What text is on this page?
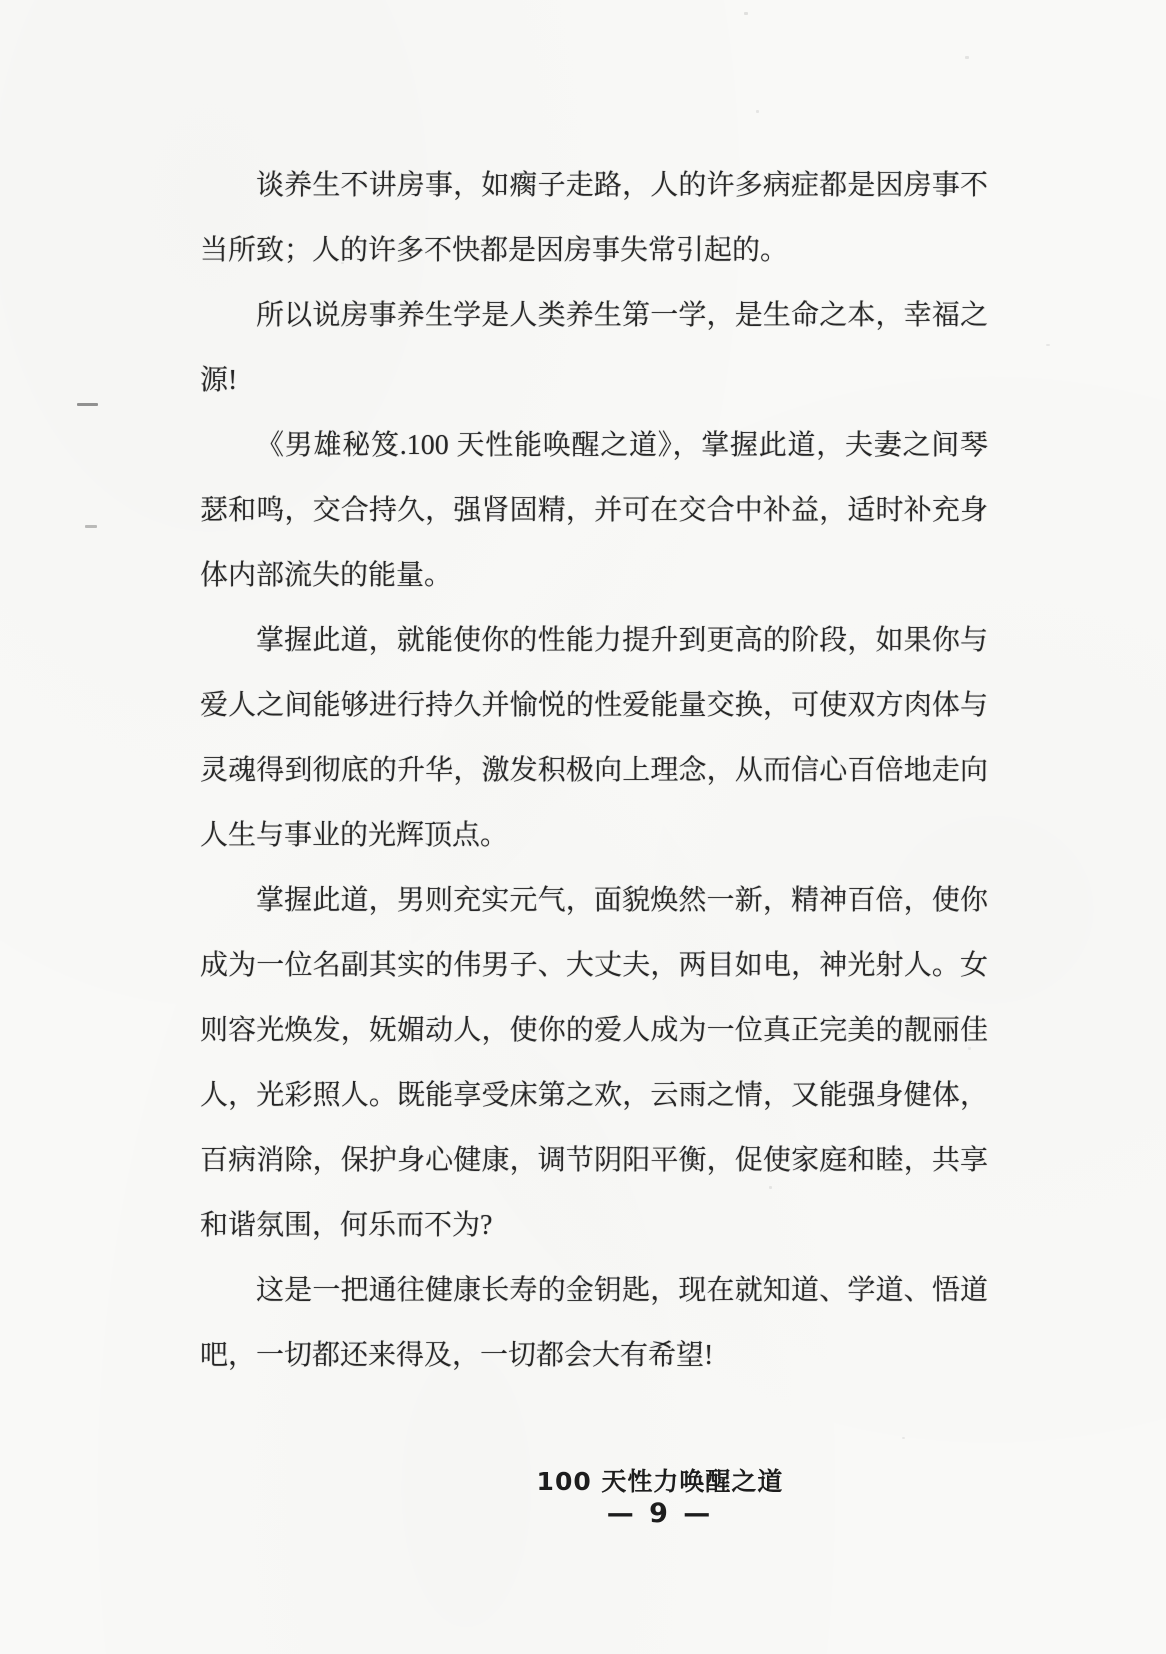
谈养生不讲房事，如瘸子走路，人的许多病症都是因房事不
当所致；人的许多不快都是因房事失常引起的。
所以说房事养生学是人类养生第一学，是生命之本，幸福之
源!
《男雄秘笈.100 天性能唤醒之道》，掌握此道，夫妻之间琴
瑟和鸣，交合持久，强肾固精，并可在交合中补益，适时补充身
体内部流失的能量。
掌握此道，就能使你的性能力提升到更高的阶段，如果你与
爱人之间能够进行持久并愉悦的性爱能量交换，可使双方肉体与
灵魂得到彻底的升华，激发积极向上理念，从而信心百倍地走向
人生与事业的光辉顶点。
掌握此道，男则充实元气，面貌焕然一新，精神百倍，使你
成为一位名副其实的伟男子、大丈夫，两目如电，神光射人。女
则容光焕发，妩媚动人，使你的爱人成为一位真正完美的靓丽佳
人，光彩照人。既能享受床第之欢，云雨之情，又能强身健体，
百病消除，保护身心健康，调节阴阳平衡，促使家庭和睦，共享
和谐氛围，何乐而不为?
这是一把通往健康长寿的金钥匙，现在就知道、学道、悟道
吧，一切都还来得及，一切都会大有希望!
100 天性力唤醒之道
— 9 —
